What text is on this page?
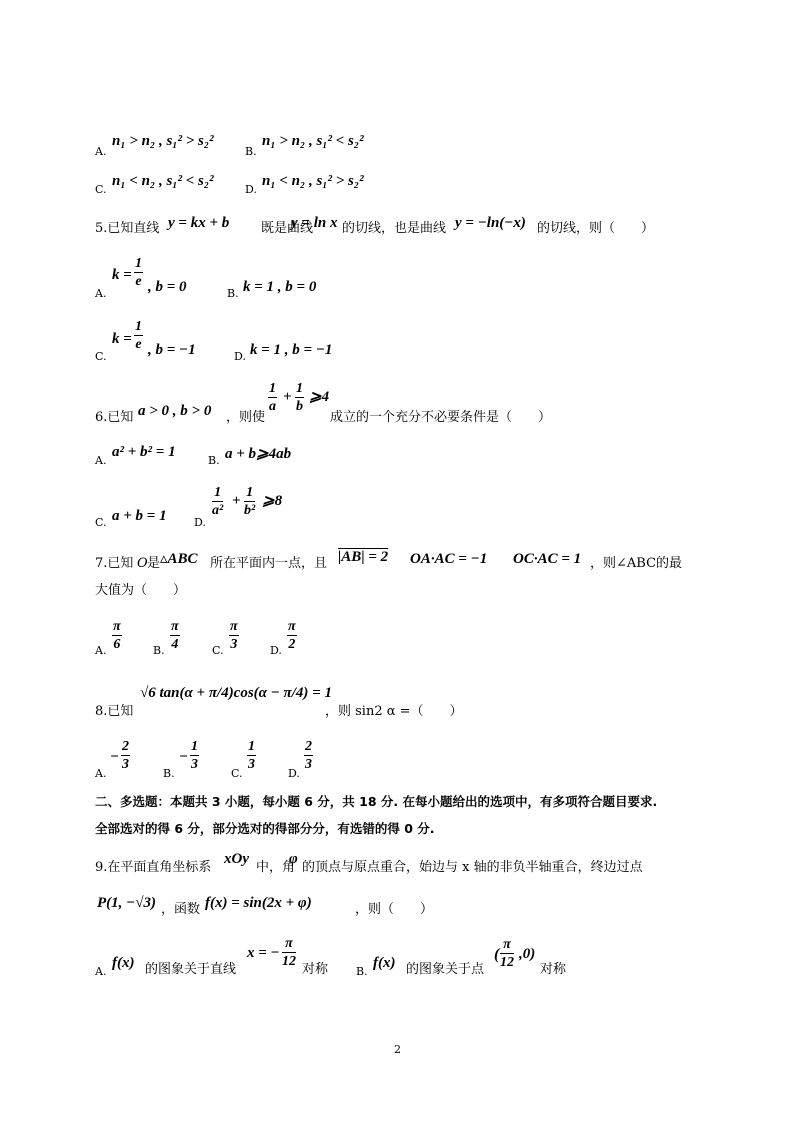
A.
n₁ > n₂ , s₁² > s₂²
B.
n₁ > n₂ , s₁² < s₂²
C.
n₁ < n₂ , s₁² < s₂²
D.
n₁ < n₂ , s₁² > s₂²
5.已知直线 y = kx + b 既是曲线
y = ln x 的切线，也是曲线 y = −ln(−x) 的切线，则（　　）
A.
$k = \frac{1}{e}$ , b = 0	B. k = 1 , b = 0
C.
$k = \frac{1}{e}$ , b = −1	D. k = 1 , b = −1
6.已知 a > 0 , b > 0 ，则使
$\frac{1}{a} + \frac{1}{b}$ ⩾4
成立的一个充分不必要条件是（　　）
A.
a² + b² = 1
B. a + b⩾4ab
C. a + b = 1 D.
$\frac{1}{\text{a²}} + \frac{1}{\text{b²}}$ ⩾8
7.已知 O 是 ▵ABC 所在平面内一点，且 |AB| = 2 OA·AC = −1 OC·AC = 1 ，则∠ABC的最
大值为（　　）
A. $\frac{\pi}{6}$	B. $\frac{\pi}{4}$	C. $\frac{\pi}{3}$	D. $\frac{\pi}{2}$
8.已知
√6 tan(α + π/4)cos(α − π/4) = 1
，则 sin2 α =（　　）
A.
− $\frac{2}{3}$
B.
− $\frac{1}{3}$
C.
$\frac{1}{3}$
D.
$\frac{2}{3}$
二、多选题：本题共 3 小题，每小题 6 分，共 18 分. 在每小题给出的选项中，有多项符合题目要求.
全部选对的得 6 分，部分选对的得部分分，有选错的得 0 分.
9.在平面直角坐标系
xOy
中，角
φ
的顶点与原点重合，始边与 x 轴的非负半轴重合，终边过点
P(1, −√3) ，函数 f(x) = sin(2x + φ)	，则（　　）
A.
f(x) 的图象关于直线
x = − $\frac{\pi}{12}$
对称	B.
f(x) 的图象关于点
( $\frac{\pi}{12} ,0$)
对称
2
